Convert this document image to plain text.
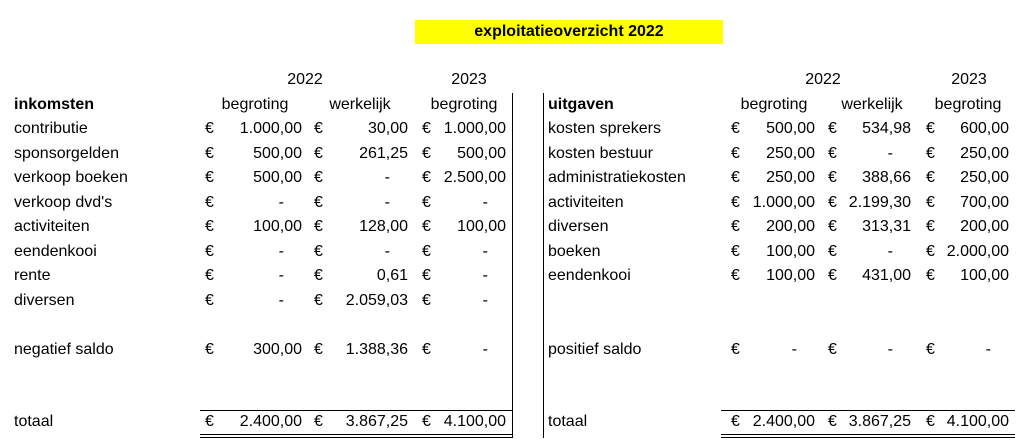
exploitatieoverzicht 2022
2022	2023
inkomsten	begroting	werkelijk	begroting
contributie	€	1.000,00 €	30,00 € 1.000,00
sponsorgelden	€	500,00 €	261,25 €	500,00
verkoop boeken	€	500,00 €	- € 2.500,00
verkoop dvd's	€	- €	- €	-
activiteiten	€	100,00 €	128,00 €	100,00
eendenkooi	€	- €	- €	-
rente	€	- €	0,61 €	-
diversen	€	- €	2.059,03 €	-
negatief saldo	€	300,00 €	1.388,36 €	-
totaal	€	2.400,00 €	3.867,25 € 4.100,00
2022	2023
uitgaven	begroting	werkelijk	begroting
kosten sprekers	€	500,00 €	534,98 €	600,00
kosten bestuur	€	250,00 €	- €	250,00
administratiekosten	€	250,00 €	388,66 €	250,00
activiteiten	€ 1.000,00 € 2.199,30 €	700,00
diversen	€	200,00 €	313,31 €	200,00
boeken	€	100,00 €	- € 2.000,00
eendenkooi	€	100,00 €	431,00 €	100,00
positief saldo	€	- €	- €	-
totaal	€ 2.400,00 € 3.867,25 € 4.100,00
